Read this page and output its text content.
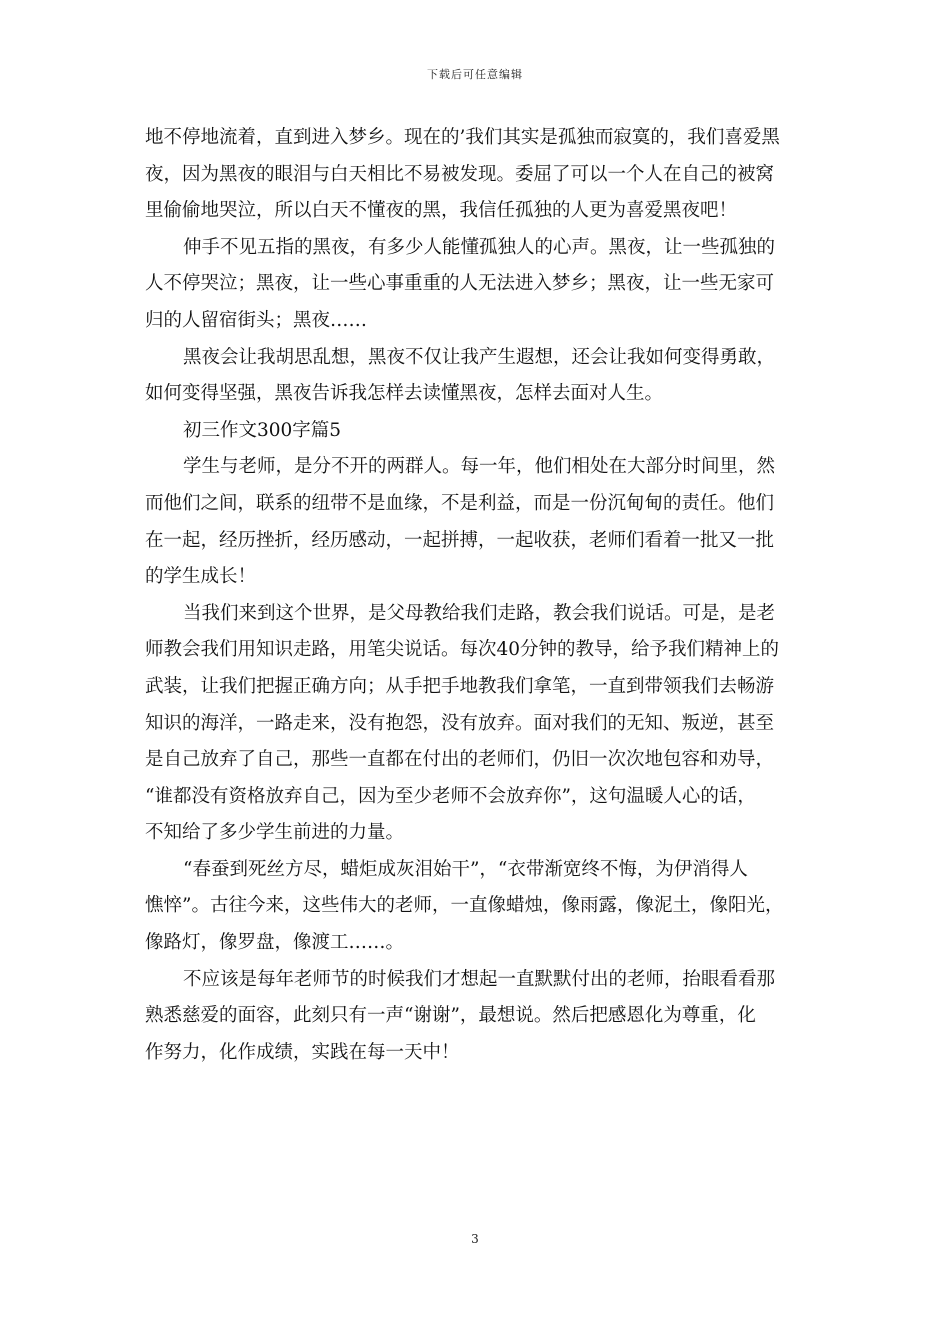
下载后可任意编辑
地不停地流着，直到进入梦乡。现在的’我们其实是孤独而寂寞的，我们喜爱黑
夜，因为黑夜的眼泪与白天相比不易被发现。委屈了可以一个人在自己的被窝
里偷偷地哭泣，所以白天不懂夜的黑，我信任孤独的人更为喜爱黑夜吧！
伸手不见五指的黑夜，有多少人能懂孤独人的心声。黑夜，让一些孤独的
人不停哭泣；黑夜，让一些心事重重的人无法进入梦乡；黑夜，让一些无家可
归的人留宿街头；黑夜……
黑夜会让我胡思乱想，黑夜不仅让我产生遐想，还会让我如何变得勇敢，
如何变得坚强，黑夜告诉我怎样去读懂黑夜，怎样去面对人生。
初三作文300字篇5
学生与老师，是分不开的两群人。每一年，他们相处在大部分时间里，然
而他们之间，联系的纽带不是血缘，不是利益，而是一份沉甸甸的责任。他们
在一起，经历挫折，经历感动，一起拼搏，一起收获，老师们看着一批又一批
的学生成长！
当我们来到这个世界，是父母教给我们走路，教会我们说话。可是，是老
师教会我们用知识走路，用笔尖说话。每次40分钟的教导，给予我们精神上的
武装，让我们把握正确方向；从手把手地教我们拿笔，一直到带领我们去畅游
知识的海洋，一路走来，没有抱怨，没有放弃。面对我们的无知、叛逆，甚至
是自己放弃了自己，那些一直都在付出的老师们，仍旧一次次地包容和劝导，
“谁都没有资格放弃自己，因为至少老师不会放弃你”，这句温暖人心的话，
不知给了多少学生前进的力量。
“春蚕到死丝方尽，蜡炬成灰泪始干”，“衣带渐宽终不悔，为伊消得人
憔悴”。古往今来，这些伟大的老师，一直像蜡烛，像雨露，像泥土，像阳光，
像路灯，像罗盘，像渡工……。
不应该是每年老师节的时候我们才想起一直默默付出的老师，抬眼看看那
熟悉慈爱的面容，此刻只有一声“谢谢”，最想说。然后把感恩化为尊重，化
作努力，化作成绩，实践在每一天中！
3
